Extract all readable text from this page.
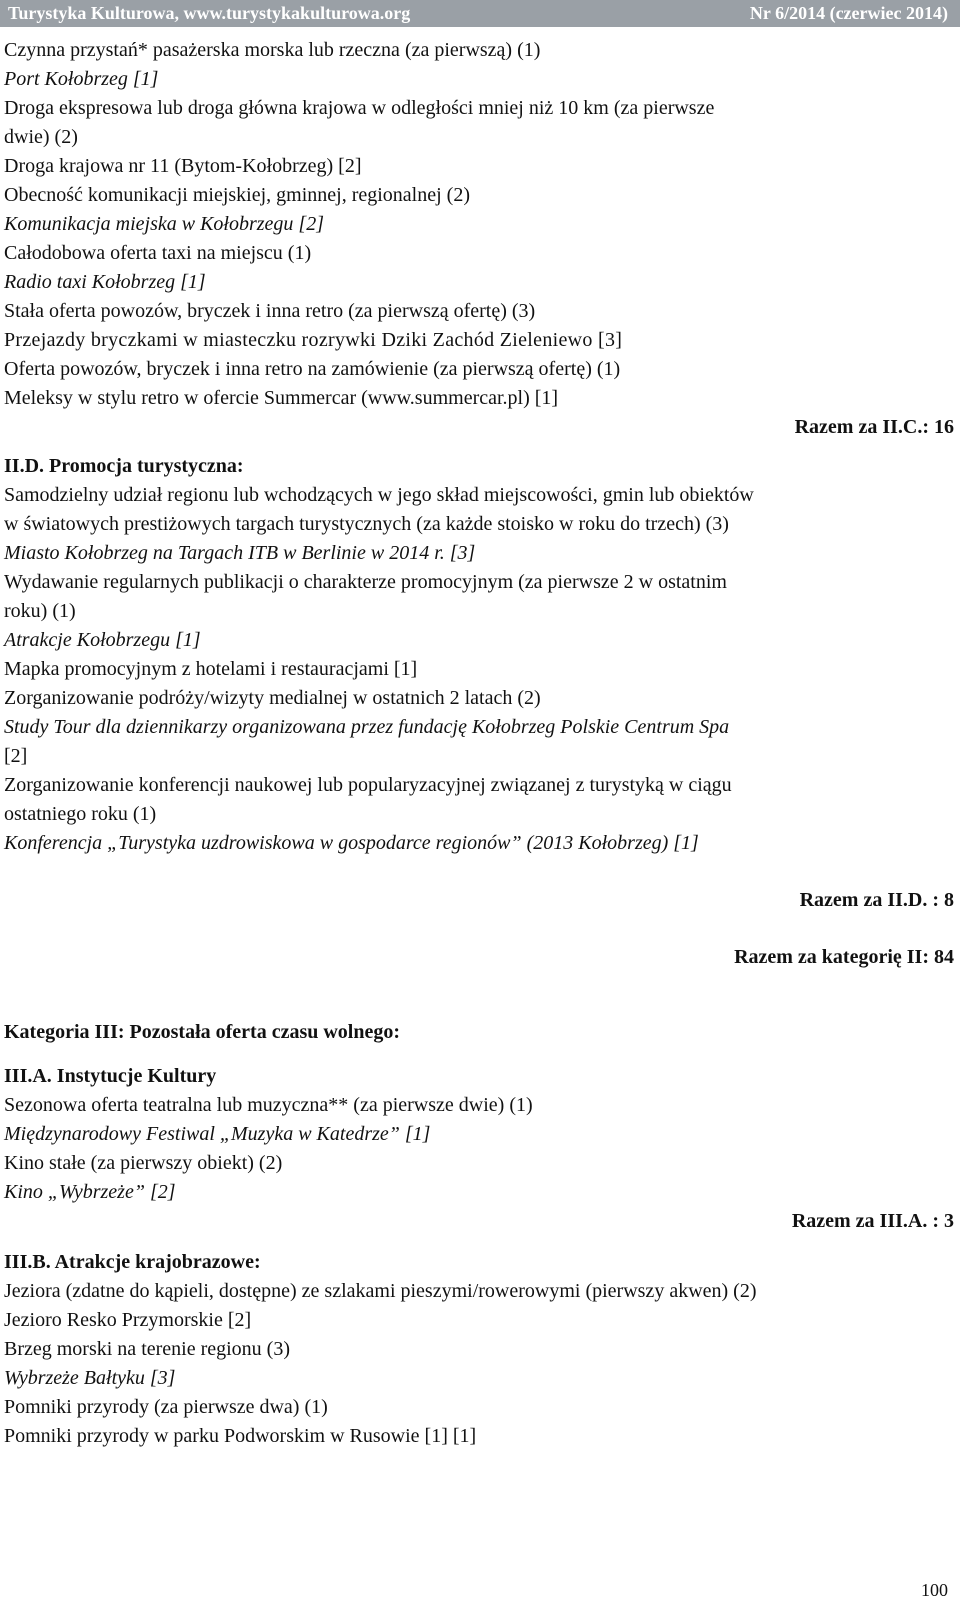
Turystyka Kulturowa, www.turystykakulturowa.org	Nr 6/2014 (czerwiec 2014)
Czynna przystań* pasażerska morska lub rzeczna (za pierwszą) (1)
Port Kołobrzeg [1]
Droga ekspresowa lub droga główna krajowa w odległości mniej niż 10 km (za pierwsze
dwie) (2)
Droga krajowa nr 11 (Bytom-Kołobrzeg) [2]
Obecność komunikacji miejskiej, gminnej, regionalnej (2)
Komunikacja miejska w Kołobrzegu [2]
Całodobowa oferta taxi na miejscu (1)
Radio taxi Kołobrzeg [1]
Stała oferta powozów, bryczek i inna retro (za pierwszą ofertę) (3)
Przejazdy bryczkami w miasteczku rozrywki Dziki Zachód Zieleniewo [3]
Oferta powozów, bryczek i inna retro na zamówienie (za pierwszą ofertę) (1)
Meleksy w stylu retro w ofercie Summercar (www.summercar.pl) [1]
Razem za II.C.: 16
II.D. Promocja turystyczna:
Samodzielny udział regionu lub wchodzących w jego skład miejscowości, gmin lub obiektów
w światowych prestiżowych targach turystycznych (za każde stoisko w roku do trzech) (3)
Miasto Kołobrzeg na Targach ITB w Berlinie w 2014 r. [3]
Wydawanie regularnych publikacji o charakterze promocyjnym (za pierwsze 2 w ostatnim
roku) (1)
Atrakcje Kołobrzegu [1]
Mapka promocyjnym z hotelami i restauracjami [1]
Zorganizowanie podróży/wizyty medialnej w ostatnich 2 latach (2)
Study Tour dla dziennikarzy organizowana przez fundację Kołobrzeg Polskie Centrum Spa
[2]
Zorganizowanie konferencji naukowej lub popularyzacyjnej związanej z turystyką w ciągu
ostatniego roku (1)
Konferencja „Turystyka uzdrowiskowa w gospodarce regionów” (2013 Kołobrzeg) [1]
Razem za II.D. : 8
Razem za kategorię II: 84
Kategoria III: Pozostała oferta czasu wolnego:
III.A. Instytucje Kultury
Sezonowa oferta teatralna lub muzyczna** (za pierwsze dwie) (1)
Międzynarodowy Festiwal „Muzyka w Katedrze” [1]
Kino stałe (za pierwszy obiekt) (2)
Kino „Wybrzeże” [2]
Razem za III.A. : 3
III.B. Atrakcje krajobrazowe:
Jeziora (zdatne do kąpieli, dostępne) ze szlakami pieszymi/rowerowymi (pierwszy akwen) (2)
Jezioro Resko Przymorskie [2]
Brzeg morski na terenie regionu (3)
Wybrzeże Bałtyku [3]
Pomniki przyrody (za pierwsze dwa) (1)
Pomniki przyrody w parku Podworskim w Rusowie [1] [1]
100
